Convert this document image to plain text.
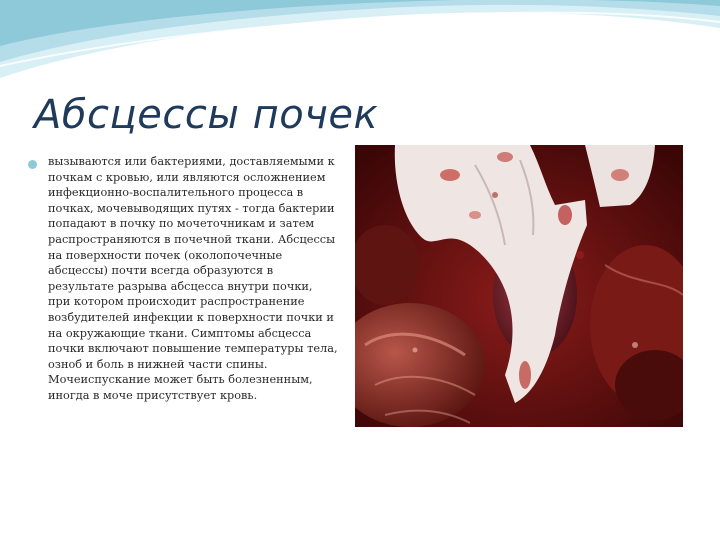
Абсцессы почек

вызываются или бактериями, доставляемыми к почкам с кровью, или являются осложнением инфекционно-воспалительного процесса в почках, мочевыводящих путях - тогда бактерии попадают в почку по мочеточникам и затем распространяются в почечной ткани. Абсцессы на поверхности почек (околопочечные абсцессы) почти всегда образуются в результате разрыва абсцесса внутри почки, при котором происходит распространение возбудителей инфекции к поверхности почки и на окружающие ткани. Симптомы абсцесса почки включают повышение температуры тела, озноб и боль в нижней части спины. Мочеиспускание может быть болезненным, иногда в моче присутствует кровь.
